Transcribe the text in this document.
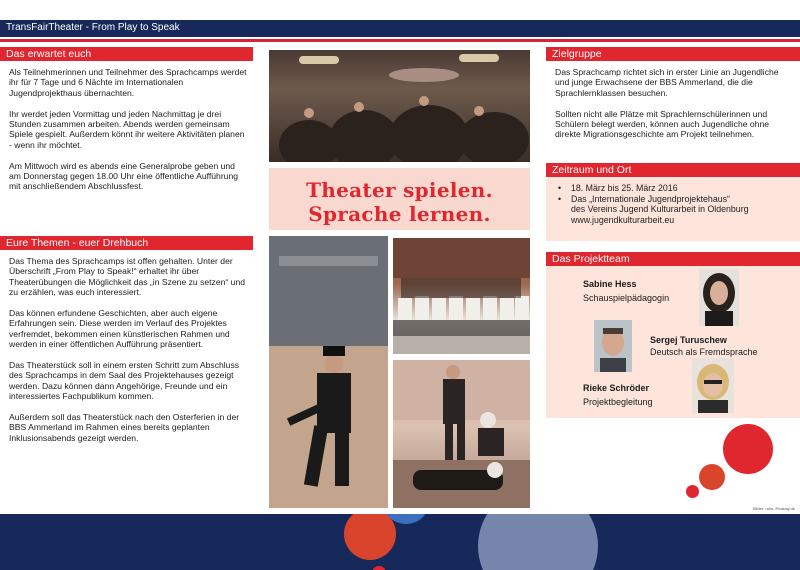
TransFairTheater - From Play to Speak
Das erwartet euch

Als Teilnehmerinnen und Teilnehmer des Sprachcamps werdet ihr für 7 Tage und 6 Nächte im Internationalen Jugendprojekthaus übernachten.

Ihr werdet jeden Vormittag und jeden Nachmittag je drei Stunden zusammen arbeiten. Abends werden gemeinsam Spiele gespielt. Außerdem könnt ihr weitere Aktivitäten planen - wenn ihr möchtet.

Am Mittwoch wird es abends eine Generalprobe geben und am Donnerstag gegen 18.00 Uhr eine öffentliche Aufführung mit anschließendem Abschlussfest.

Eure Themen - euer Drehbuch

Das Thema des Sprachcamps ist offen gehalten. Unter der Überschrift „From Play to Speak!“ erhaltet ihr über Theaterübungen die Möglichkeit das „in Szene zu setzen“ und zu erzählen, was euch interessiert.

Das können erfundene Geschichten, aber auch eigene Erfahrungen sein. Diese werden im Verlauf des Projektes verfremdet, bekommen einen künstlerischen Rahmen und werden in einer öffentlichen Aufführung präsentiert.

Das Theaterstück soll in einem ersten Schritt zum Abschluss des Sprachcamps in dem Saal des Projektehauses gezeigt werden. Dazu können dann Angehörige, Freunde und ein interessiertes Fachpublikum kommen.

Außerdem soll das Theaterstück nach den Osterferien in der BBS Ammerland im Rahmen eines bereits geplanten Inklusionsabends gezeigt werden.

Theater spielen.
Sprache lernen.
Zielgruppe

Das Sprachcamp richtet sich in erster Linie an Jugendliche und junge Erwachsene der BBS Ammerland, die die Sprachlernklassen besuchen.

Sollten nicht alle Plätze mit Sprachlernschülerinnen und Schülern belegt werden, können auch Jugendliche ohne direkte Migrationsgeschichte am Projekt teilnehmen.

Zeitraum und Ort
• 18. März bis 25. März 2016
• Das „Internationale Jugendprojektehaus“
des Vereins Jugend Kulturarbeit in Oldenburg
www.jugendkulturarbeit.eu
Das Projektteam
Sabine Hess
Schauspielpädagogin
Sergej Turuschew
Deutsch als Fremdsprache
Rieke Schröder
Projektbegleitung
Bilder: ruhs, Pixabay.de
